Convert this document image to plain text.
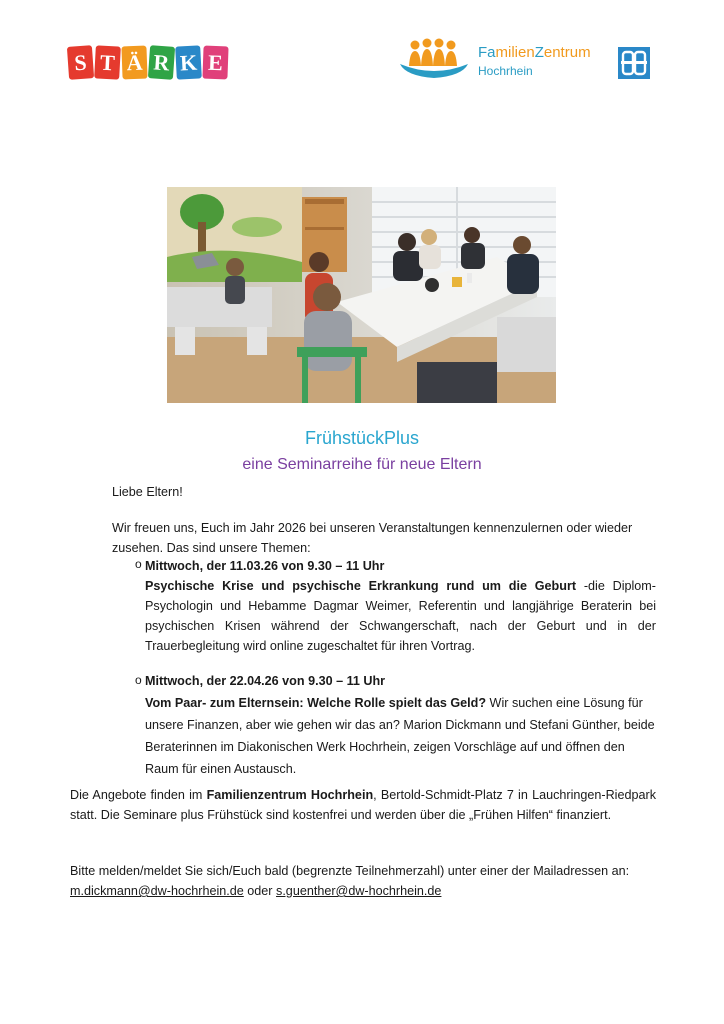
S T Ä R K E	FamilienZentrum
Hochrhein
FrühstückPlus
eine Seminarreihe für neue Eltern
Liebe Eltern!
Wir freuen uns, Euch im Jahr 2026 bei unseren Veranstaltungen kennenzulernen oder wieder zusehen. Das sind unsere Themen:
o Mittwoch, der 11.03.26 von 9.30 – 11 Uhr
Psychische Krise und psychische Erkrankung rund um die Geburt -die Diplom-Psychologin und Hebamme Dagmar Weimer, Referentin und langjährige Beraterin bei psychischen Krisen während der Schwangerschaft, nach der Geburt und in der Trauerbegleitung wird online zugeschaltet für ihren Vortrag.
o Mittwoch, der 22.04.26 von 9.30 – 11 Uhr
Vom Paar- zum Elternsein: Welche Rolle spielt das Geld? Wir suchen eine Lösung für unsere Finanzen, aber wie gehen wir das an? Marion Dickmann und Stefani Günther, beide Beraterinnen im Diakonischen Werk Hochrhein, zeigen Vorschläge auf und öffnen den Raum für einen Austausch.
Die Angebote finden im Familienzentrum Hochrhein, Bertold-Schmidt-Platz 7 in Lauchringen-Riedpark statt. Die Seminare plus Frühstück sind kostenfrei und werden über die „Frühen Hilfen“ finanziert.
Bitte melden/meldet Sie sich/Euch bald (begrenzte Teilnehmerzahl) unter einer der Mailadressen an: m.dickmann@dw-hochrhein.de oder s.guenther@dw-hochrhein.de
